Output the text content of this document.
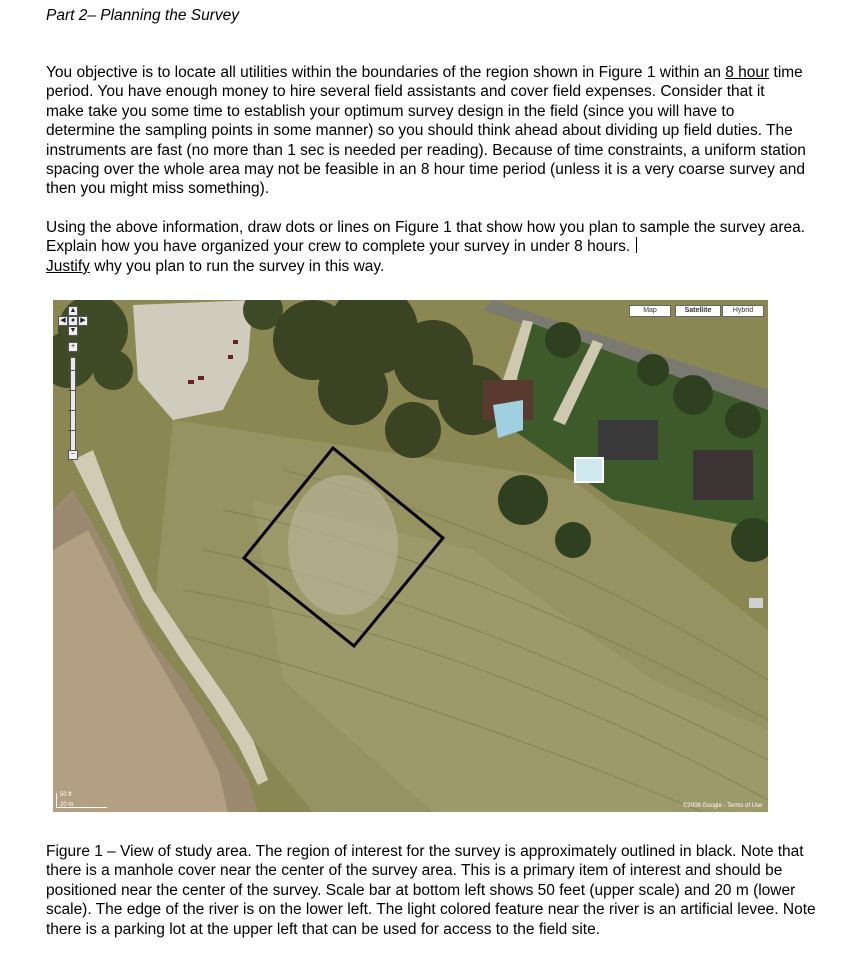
Part 2– Planning the Survey
You objective is to locate all utilities within the boundaries of the region shown in Figure 1 within an 8 hour time period. You have enough money to hire several field assistants and cover field expenses. Consider that it make take you some time to establish your optimum survey design in the field (since you will have to determine the sampling points in some manner) so you should think ahead about dividing up field duties. The instruments are fast (no more than 1 sec is needed per reading). Because of time constraints, a uniform station spacing over the whole area may not be feasible in an 8 hour time period (unless it is a very coarse survey and then you might miss something).
Using the above information, draw dots or lines on Figure 1 that show how you plan to sample the survey area. Explain how you have organized your crew to complete your survey in under 8 hours.
Justify why you plan to run the survey in this way.
Map	Satellite	Hybrid
▲
◀ ● ▶
▼
+
−
50 ft
20 m	©2008 Google - Terms of Use
Figure 1 – View of study area. The region of interest for the survey is approximately outlined in black. Note that there is a manhole cover near the center of the survey area. This is a primary item of interest and should be positioned near the center of the survey. Scale bar at bottom left shows 50 feet (upper scale) and 20 m (lower scale). The edge of the river is on the lower left. The light colored feature near the river is an artificial levee. Note there is a parking lot at the upper left that can be used for access to the field site.
